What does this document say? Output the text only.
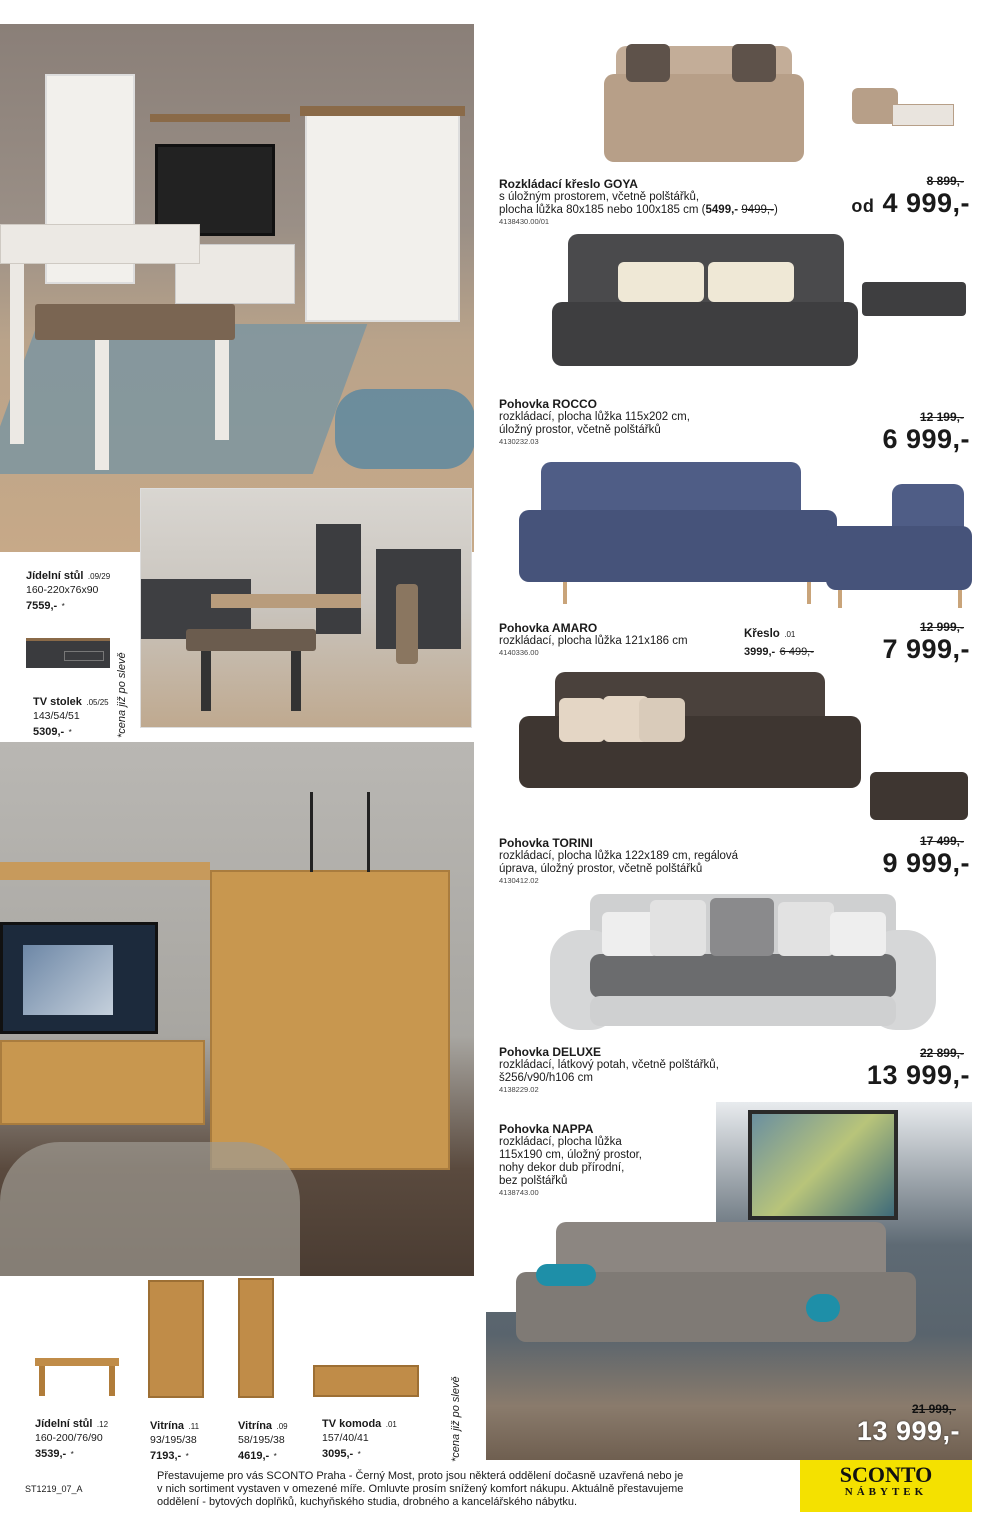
Jídelní stůl .09/29
160-220x76x90
7559,- *
TV stolek .05/25
143/54/51
5309,- *	*cena již po slevě
Jídelní stůl .12
160-200/76/90
3539,- *
Vitrína .11
93/195/38
7193,- *
Vitrína .09
58/195/38
4619,- *
TV komoda .01
157/40/41
3095,- *	*cena již po slevě
Rozkládací křeslo GOYA
s úložným prostorem, včetně polštářků,
plocha lůžka 80x185 nebo 100x185 cm (5499,- 9499,-)
4138430.00/01
8 899,-
od 4 999,-
Pohovka ROCCO
rozkládací, plocha lůžka 115x202 cm,
úložný prostor, včetně polštářků
4130232.03
12 199,-
6 999,-
Pohovka AMARO
rozkládací, plocha lůžka 121x186 cm
4140336.00
Křeslo .01
3999,- 6 499,-
12 999,-
7 999,-
Pohovka TORINI
rozkládací, plocha lůžka 122x189 cm, regálová
úprava, úložný prostor, včetně polštářků
4130412.02
17 499,-
9 999,-
Pohovka DELUXE
rozkládací, látkový potah, včetně polštářků,
š256/v90/h106 cm
4138229.02
22 899,-
13 999,-
Pohovka NAPPA
rozkládací, plocha lůžka
115x190 cm, úložný prostor,
nohy dekor dub přírodní,
bez polštářků
4138743.00
21 999,-
13 999,-
ST1219_07_A
Přestavujeme pro vás SCONTO Praha - Černý Most, proto jsou některá oddělení dočasně uzavřená nebo je
v nich sortiment vystaven v omezené míře. Omluvte prosím snížený komfort nákupu. Aktuálně přestavujeme
oddělení - bytových doplňků, kuchyňského studia, drobného a kancelářského nábytku.
SCONTO
NÁBYTEK
